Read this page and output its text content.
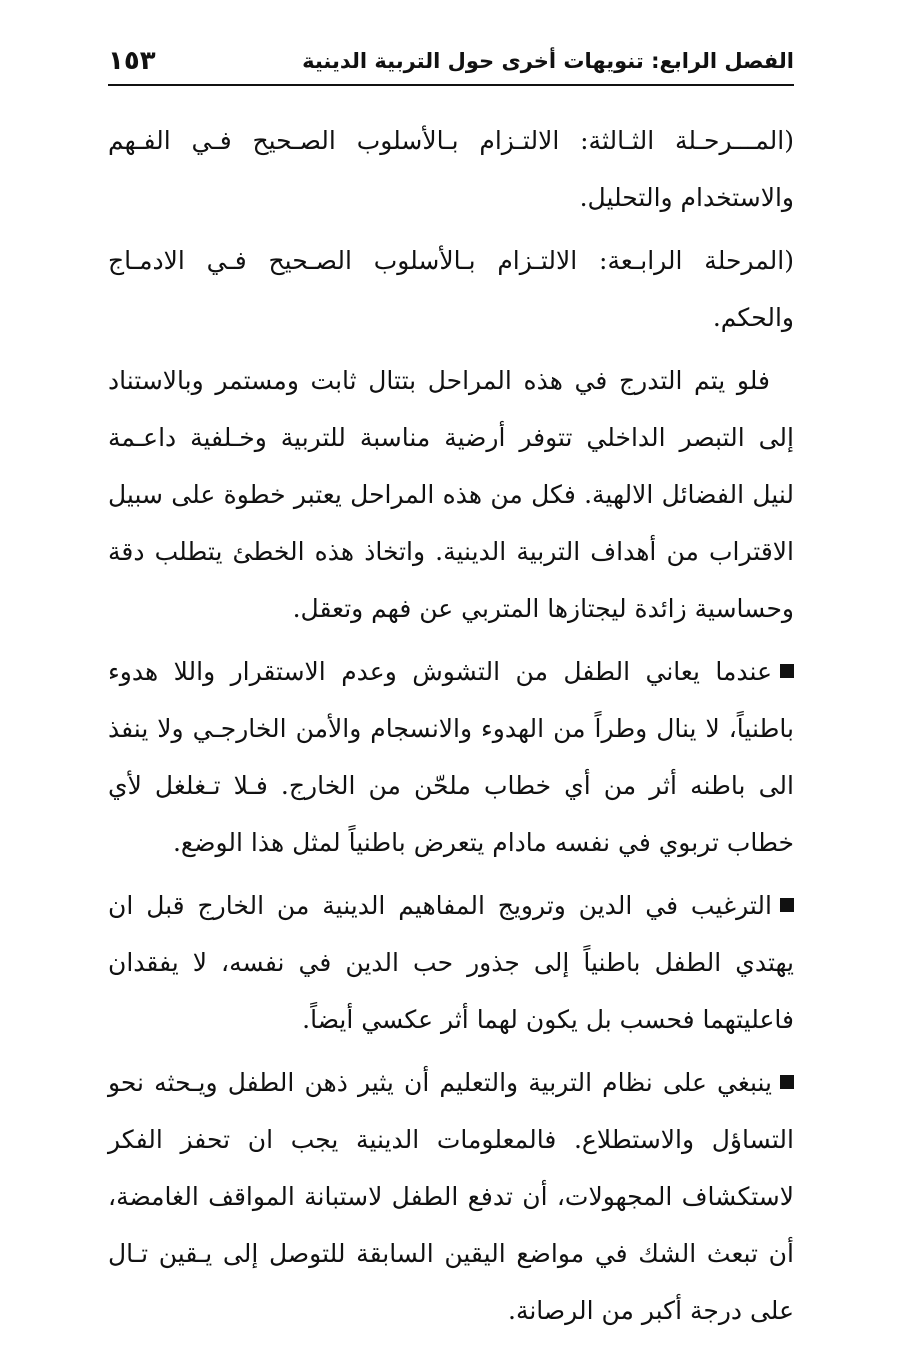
الفصل الرابع: تنويهات أخرى حول التربية الدينية
١٥٣

(المـــرحـلة الثـالثة: الالتـزام بـالأسلوب الصـحيح فـي الفـهم والاستخدام والتحليل.

(المرحلة الرابـعة: الالتـزام بـالأسلوب الصـحيح فـي الادمـاج والحكم.

فلو يتم التدرج في هذه المراحل بتتال ثابت ومستمر وبالاستناد إلى التبصر الداخلي تتوفر أرضية مناسبة للتربية وخـلفية داعـمة لنيل الفضائل الالهية. فكل من هذه المراحل يعتبر خطوة على سبيل الاقتراب من أهداف التربية الدينية. واتخاذ هذه الخطئ يتطلب دقة وحساسية زائدة ليجتازها المتربي عن فهم وتعقل.

عندما يعاني الطفل من التشوش وعدم الاستقرار واللا هدوء باطنياً، لا ينال وطراً من الهدوء والانسجام والأمن الخارجـي ولا ينفذ الى باطنه أثر من أي خطاب ملحّن من الخارج. فـلا تـغلغل لأي خطاب تربوي في نفسه مادام يتعرض باطنياً لمثل هذا الوضع.

الترغيب في الدين وترويج المفاهيم الدينية من الخارج قبل ان يهتدي الطفل باطنياً إلى جذور حب الدين في نفسه، لا يفقدان فاعليتهما فحسب بل يكون لهما أثر عكسي أيضاً.

ينبغي على نظام التربية والتعليم أن يثير ذهن الطفل ويـحثه نحو التساؤل والاستطلاع. فالمعلومات الدينية يجب ان تحفز الفكر لاستكشاف المجهولات، أن تدفع الطفل لاستبانة المواقف الغامضة، أن تبعث الشك في مواضع اليقين السابقة للتوصل إلى يـقين تـال على درجة أكبر من الرصانة.
